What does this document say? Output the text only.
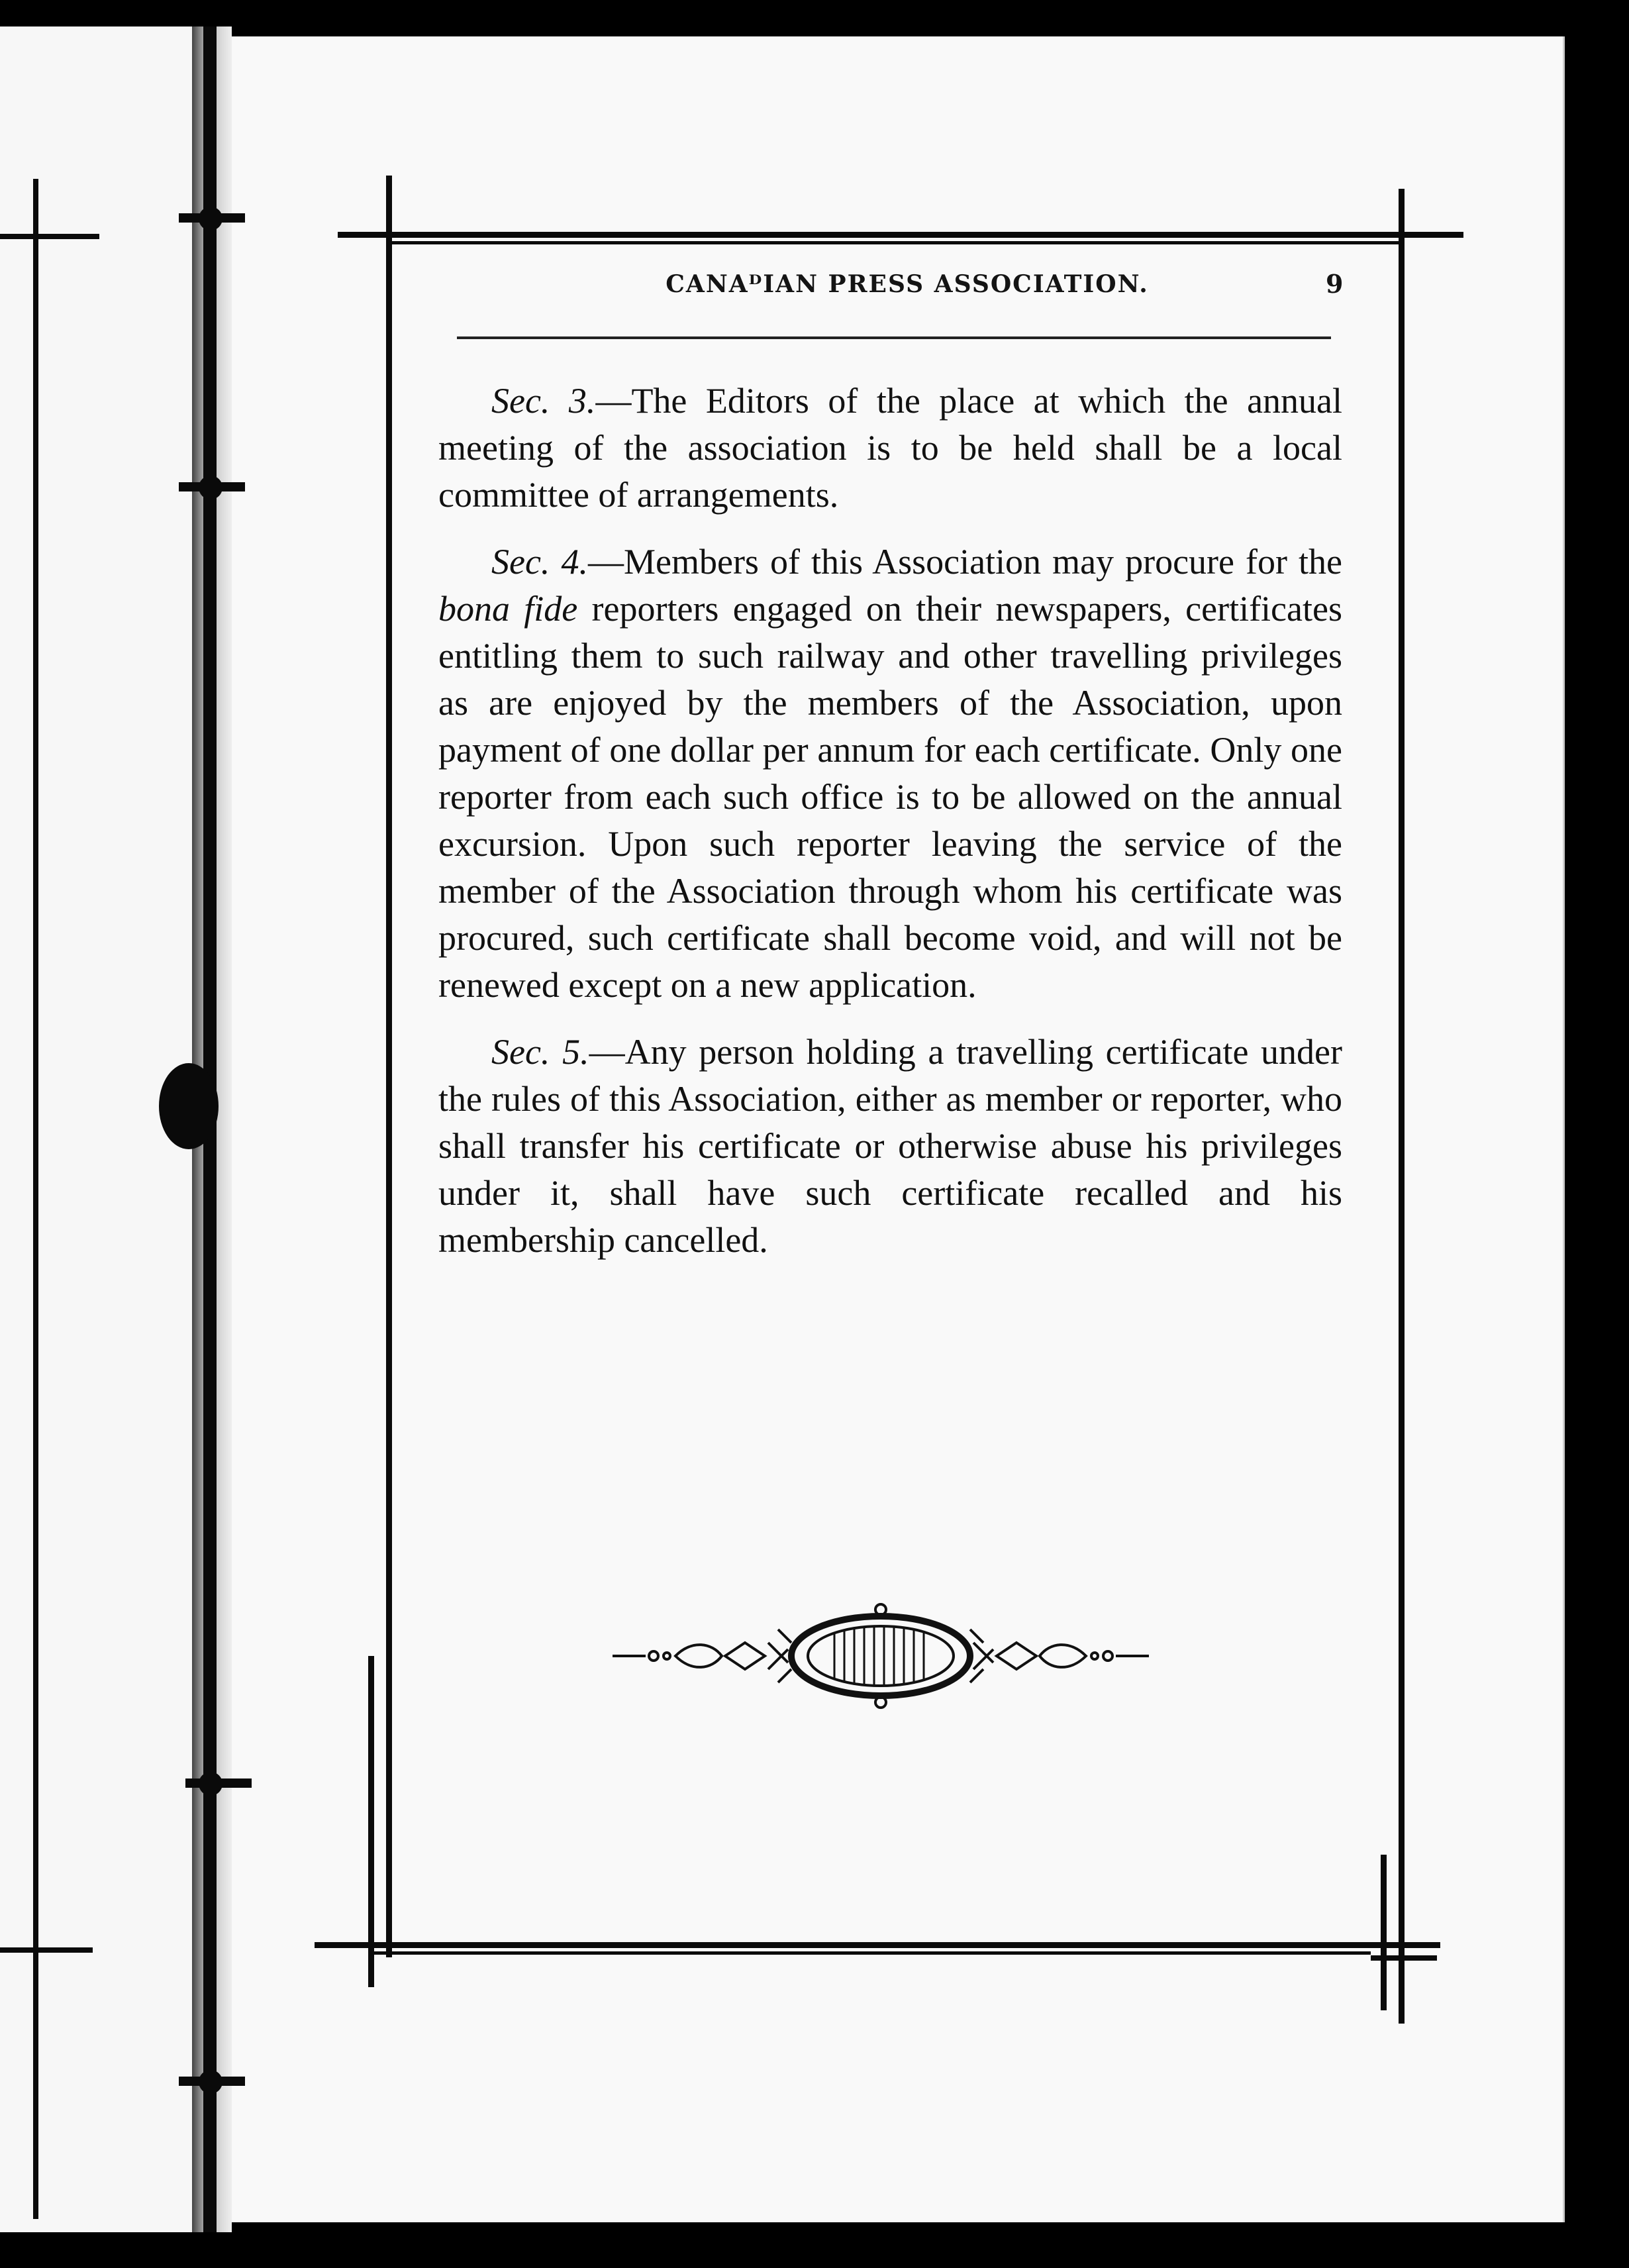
CANAᴰIAN PRESS ASSOCIATION.	9

Sec. 3.—The Editors of the place at which the annual meeting of the association is to be held shall be a local committee of arrangements.

Sec. 4.—Members of this Association may procure for the bona fide reporters engaged on their newspapers, certificates entitling them to such railway and other travelling privileges as are enjoyed by the members of the Association, upon payment of one dollar per annum for each certificate. Only one reporter from each such office is to be allowed on the annual excursion. Upon such reporter leaving the service of the member of the Association through whom his certificate was procured, such certificate shall become void, and will not be renewed except on a new application.

Sec. 5.—Any person holding a travelling certificate under the rules of this Association, either as member or reporter, who shall transfer his certificate or otherwise abuse his privileges under it, shall have such certificate recalled and his membership cancelled.
